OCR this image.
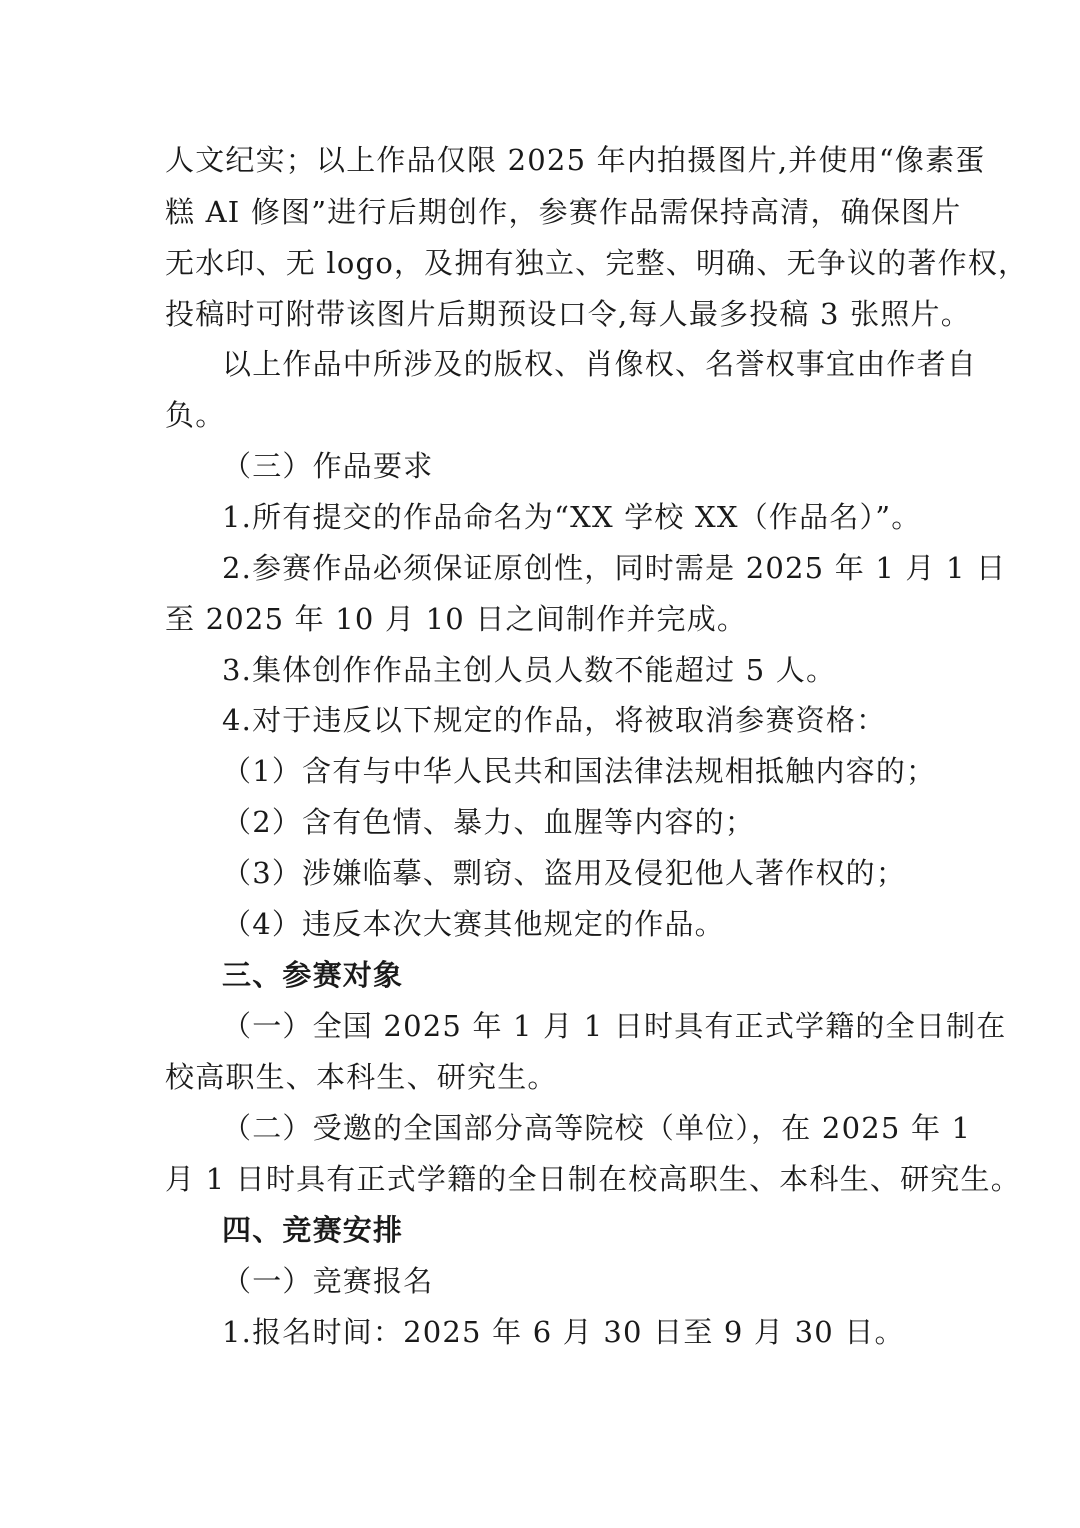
人文纪实；以上作品仅限 2025 年内拍摄图片,并使用“像素蛋
糕 AI 修图”进行后期创作，参赛作品需保持高清，确保图片
无水印、无 logo，及拥有独立、完整、明确、无争议的著作权，
投稿时可附带该图片后期预设口令,每人最多投稿 3 张照片。
以上作品中所涉及的版权、肖像权、名誉权事宜由作者自
负。
（三）作品要求
1.所有提交的作品命名为“XX 学校 XX（作品名）”。
2.参赛作品必须保证原创性，同时需是 2025 年 1 月 1 日
至 2025 年 10 月 10 日之间制作并完成。
3.集体创作作品主创人员人数不能超过 5 人。
4.对于违反以下规定的作品，将被取消参赛资格：
（1）含有与中华人民共和国法律法规相抵触内容的；
（2）含有色情、暴力、血腥等内容的；
（3）涉嫌临摹、剽窃、盗用及侵犯他人著作权的；
（4）违反本次大赛其他规定的作品。
三、参赛对象
（一）全国 2025 年 1 月 1 日时具有正式学籍的全日制在
校高职生、本科生、研究生。
（二）受邀的全国部分高等院校（单位），在 2025 年 1
月 1 日时具有正式学籍的全日制在校高职生、本科生、研究生。
四、竞赛安排
（一）竞赛报名
1.报名时间：2025 年 6 月 30 日至 9 月 30 日。
